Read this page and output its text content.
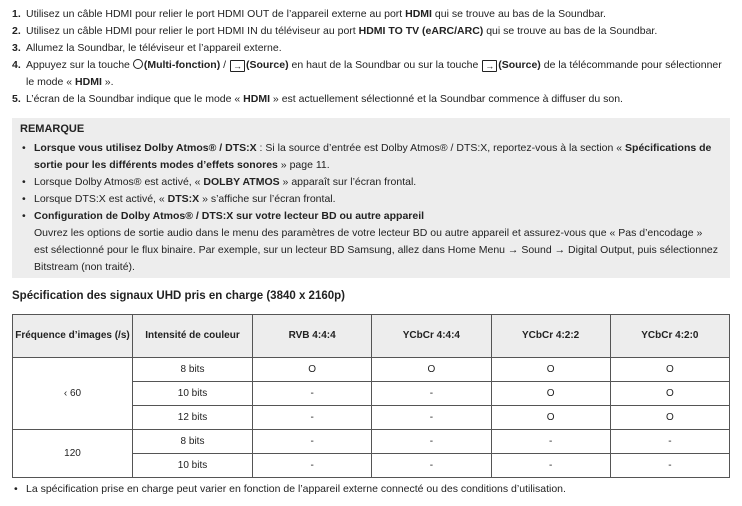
1. Utilisez un câble HDMI pour relier le port HDMI OUT de l’appareil externe au port HDMI qui se trouve au bas de la Soundbar.
2. Utilisez un câble HDMI pour relier le port HDMI IN du téléviseur au port HDMI TO TV (eARC/ARC) qui se trouve au bas de la Soundbar.
3. Allumez la Soundbar, le téléviseur et l’appareil externe.
4. Appuyez sur la touche (Multi-fonction) / → (Source) en haut de la Soundbar ou sur la touche → (Source) de la télécommande pour sélectionner le mode « HDMI ».
5. L’écran de la Soundbar indique que le mode « HDMI » est actuellement sélectionné et la Soundbar commence à diffuser du son.
REMARQUE
• Lorsque vous utilisez Dolby Atmos® / DTS:X : Si la source d’entrée est Dolby Atmos® / DTS:X, reportez-vous à la section « Spécifications de sortie pour les différents modes d’effets sonores » page 11.
• Lorsque Dolby Atmos® est activé, « DOLBY ATMOS » apparaît sur l’écran frontal.
• Lorsque DTS:X est activé, « DTS:X » s’affiche sur l’écran frontal.
• Configuration de Dolby Atmos® / DTS:X sur votre lecteur BD ou autre appareil
Ouvrez les options de sortie audio dans le menu des paramètres de votre lecteur BD ou autre appareil et assurez-vous que « Pas d’encodage »
est sélectionné pour le flux binaire. Par exemple, sur un lecteur BD Samsung, allez dans Home Menu → Sound → Digital Output, puis sélectionnez
Bitstream (non traité).
Spécification des signaux UHD pris en charge (3840 x 2160p)
Fréquence d’images (/s)	Intensité de couleur	RVB 4:4:4	YCbCr 4:4:4	YCbCr 4:2:2	YCbCr 4:2:0
‹ 60	8 bits	O	O	O	O
	10 bits	-	-	O	O
	12 bits	-	-	O	O
120	8 bits	-	-	-	-
	10 bits	-	-	-	-
• La spécification prise en charge peut varier en fonction de l’appareil externe connecté ou des conditions d’utilisation.
